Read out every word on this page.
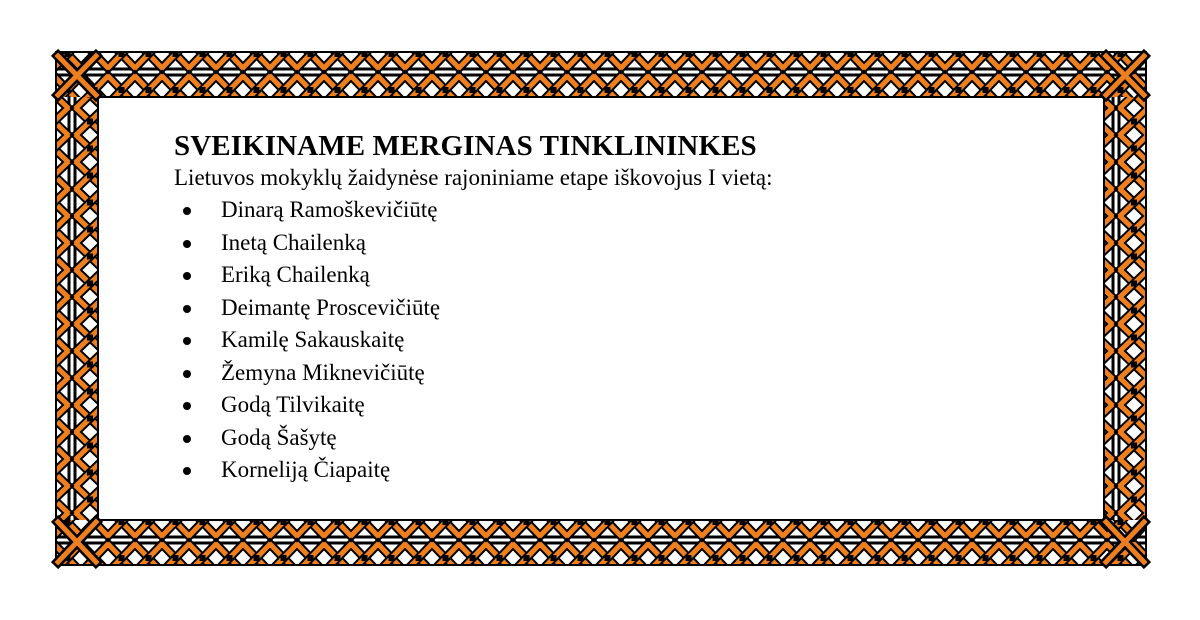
SVEIKINAME MERGINAS TINKLININKES

Lietuvos mokyklų žaidynėse rajoniniame etape iškovojus I vietą:

Dinarą Ramoškevičiūtę
Inetą Chailenką
Eriką Chailenką
Deimantę Proscevičiūtę
Kamilę Sakauskaitę
Žemyna Miknevičiūtę
Godą Tilvikaitę
Godą Šašytę
Korneliją Čiapaitę
